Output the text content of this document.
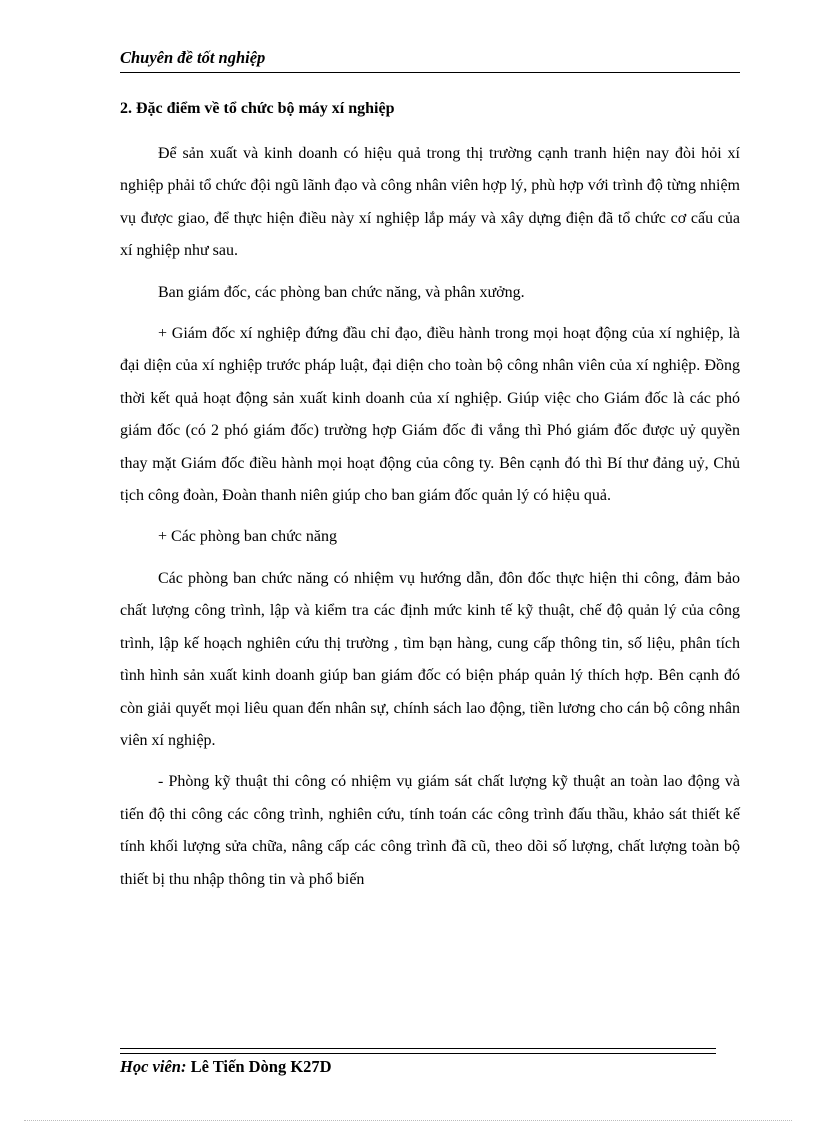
Chuyên đề tốt nghiệp
2. Đặc điểm về tổ chức bộ máy xí nghiệp

Để sản xuất và kinh doanh có hiệu quả trong thị trường cạnh tranh hiện nay đòi hỏi xí nghiệp phải tổ chức đội ngũ lãnh đạo và công nhân viên hợp lý, phù hợp với trình độ từng nhiệm vụ được giao, để thực hiện điều này xí nghiệp lắp máy và xây dựng điện đã tổ chức cơ cấu của xí nghiệp như sau.

Ban giám đốc, các phòng ban chức năng, và phân xưởng.

+ Giám đốc xí nghiệp đứng đầu chỉ đạo, điều hành trong mọi hoạt động của xí nghiệp, là đại diện của xí nghiệp trước pháp luật, đại diện cho toàn bộ công nhân viên của xí nghiệp. Đồng thời kết quả hoạt động sản xuất kinh doanh của xí nghiệp. Giúp việc cho Giám đốc là các phó giám đốc (có 2 phó giám đốc) trường hợp Giám đốc đi vắng thì Phó giám đốc được uỷ quyền thay mặt Giám đốc điều hành mọi hoạt động của công ty. Bên cạnh đó thì Bí thư đảng uỷ, Chủ tịch công đoàn, Đoàn thanh niên giúp cho ban giám đốc quản lý có hiệu quả.

+ Các phòng ban chức năng

Các phòng ban chức năng có nhiệm vụ hướng dẫn, đôn đốc thực hiện thi công, đảm bảo chất lượng công trình, lập và kiểm tra các định mức kinh tế kỹ thuật, chế độ quản lý của công trình, lập kế hoạch nghiên cứu thị trường , tìm bạn hàng, cung cấp thông tin, số liệu, phân tích tình hình sản xuất kinh doanh giúp ban giám đốc có biện pháp quản lý thích hợp. Bên cạnh đó còn giải quyết mọi liêu quan đến nhân sự, chính sách lao động, tiền lương cho cán bộ công nhân viên xí nghiệp.

- Phòng kỹ thuật thi công có nhiệm vụ giám sát chất lượng kỹ thuật an toàn lao động và tiến độ thi công các công trình, nghiên cứu, tính toán các công trình đấu thầu, khảo sát thiết kế tính khối lượng sửa chữa, nâng cấp các công trình đã cũ, theo dõi số lượng, chất lượng toàn bộ thiết bị thu nhập thông tin và phổ biến

Học viên: Lê Tiến Dòng K27D
